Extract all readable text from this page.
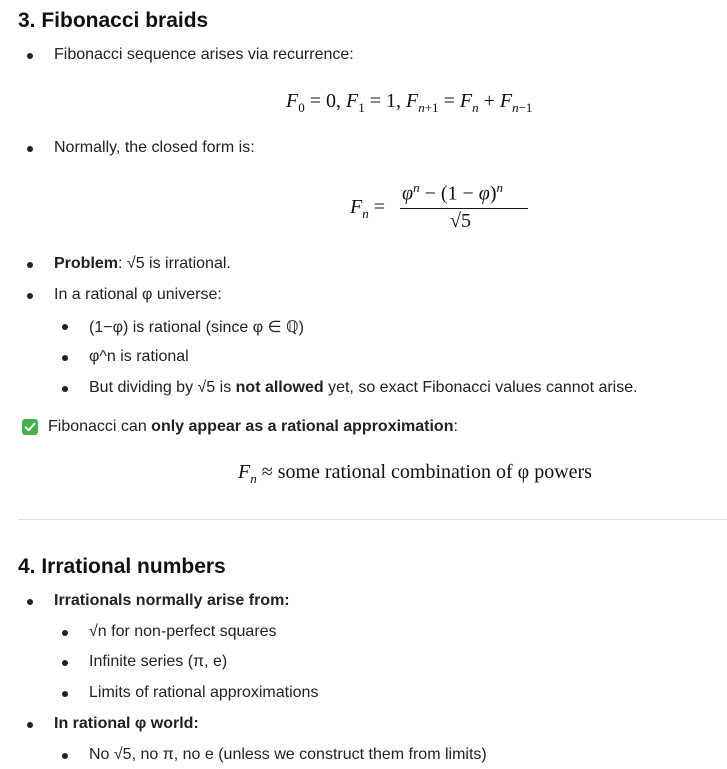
3. Fibonacci braids
Fibonacci sequence arises via recurrence:
$F_0 = 0$, $F_1 = 1$, $F_{n+1} = F_n + F_{n-1}$
Normally, the closed form is:
$F_n$ =
$\varphi^n - (1 - \varphi)^n$
√5
Problem: √5 is irrational.
In a rational φ universe:
(1−φ) is rational (since φ ∈ ℚ)
φ^n is rational
But dividing by √5 is not allowed yet, so exact Fibonacci values cannot arise.
Fibonacci can only appear as a rational approximation:
$F_n$ ≈ some rational combination of φ powers
4. Irrational numbers
Irrationals normally arise from:
√n for non-perfect squares
Infinite series (π, e)
Limits of rational approximations
In rational φ world:
No √5, no π, no e (unless we construct them from limits)
